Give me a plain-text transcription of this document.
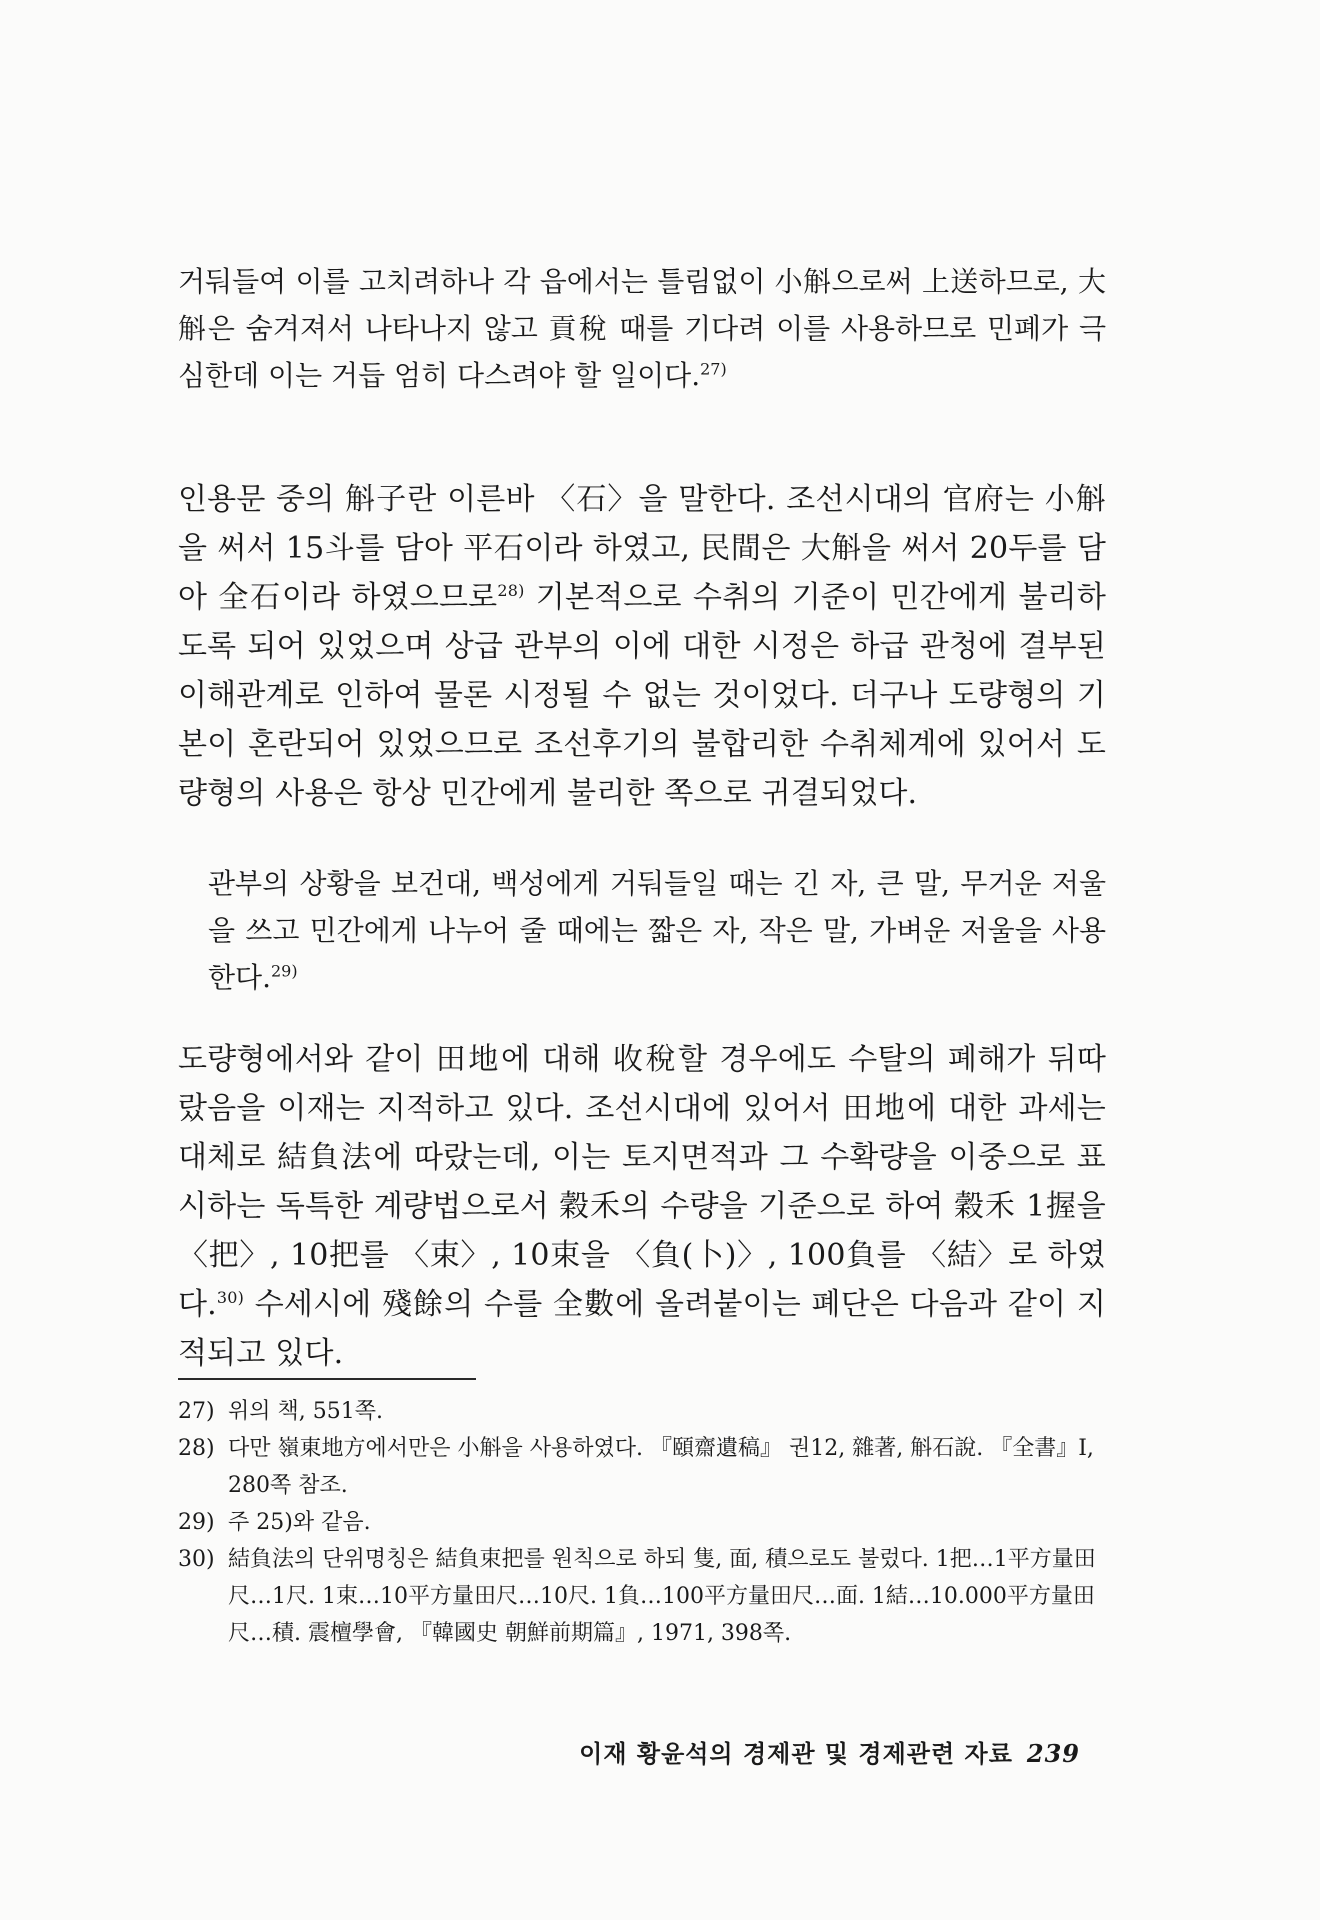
거둬들여 이를 고치려하나 각 읍에서는 틀림없이 小斛으로써 上送하므로, 大斛은 숨겨져서 나타나지 않고 貢稅 때를 기다려 이를 사용하므로 민폐가 극심한데 이는 거듭 엄히 다스려야 할 일이다.$^{27)}$

인용문 중의 斛子란 이른바 〈石〉을 말한다. 조선시대의 官府는 小斛을 써서 15斗를 담아 平石이라 하였고, 民間은 大斛을 써서 20두를 담아 全石이라 하였으므로$^{28)}$ 기본적으로 수취의 기준이 민간에게 불리하도록 되어 있었으며 상급 관부의 이에 대한 시정은 하급 관청에 결부된 이해관계로 인하여 물론 시정될 수 없는 것이었다. 더구나 도량형의 기본이 혼란되어 있었으므로 조선후기의 불합리한 수취체계에 있어서 도량형의 사용은 항상 민간에게 불리한 쪽으로 귀결되었다.

관부의 상황을 보건대, 백성에게 거둬들일 때는 긴 자, 큰 말, 무거운 저울을 쓰고 민간에게 나누어 줄 때에는 짧은 자, 작은 말, 가벼운 저울을 사용한다.$^{29)}$

도량형에서와 같이 田地에 대해 收稅할 경우에도 수탈의 폐해가 뒤따랐음을 이재는 지적하고 있다. 조선시대에 있어서 田地에 대한 과세는 대체로 結負法에 따랐는데, 이는 토지면적과 그 수확량을 이중으로 표시하는 독특한 계량법으로서 穀禾의 수량을 기준으로 하여 穀禾 1握을 〈把〉, 10把를 〈束〉, 10束을 〈負(卜)〉, 100負를 〈結〉로 하였다.$^{30)}$ 수세시에 殘餘의 수를 全數에 올려붙이는 폐단은 다음과 같이 지적되고 있다.

27) 위의 책, 551쪽.
28) 다만 嶺東地方에서만은 小斛을 사용하였다. 『頤齋遺稿』 권12, 雜著, 斛石說. 『全書』Ⅰ, 280쪽 참조.
29) 주 25)와 같음.
30) 結負法의 단위명칭은 結負束把를 원칙으로 하되 隻, 面, 積으로도 불렀다. 1把…1平方量田尺…1尺. 1束…10平方量田尺…10尺. 1負…100平方量田尺…面. 1結…10.000平方量田尺…積. 震檀學會, 『韓國史 朝鮮前期篇』, 1971, 398쪽.
이재 황윤석의 경제관 및 경제관련 자료 239
